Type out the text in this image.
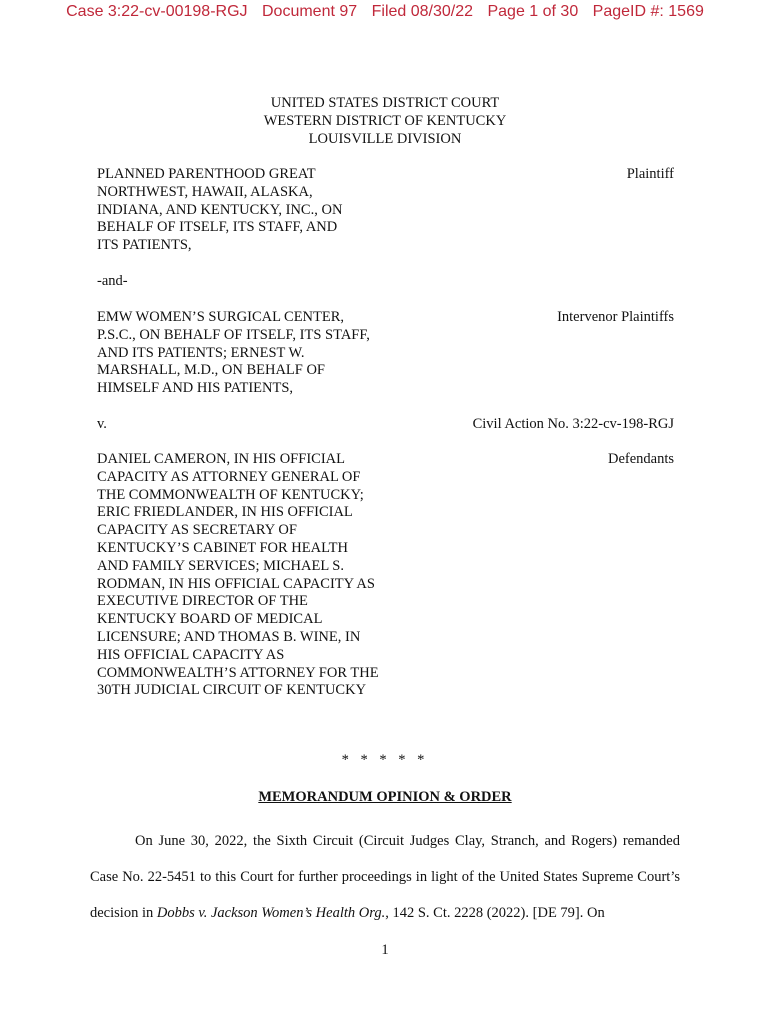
Case 3:22-cv-00198-RGJ Document 97 Filed 08/30/22 Page 1 of 30 PageID #: 1569
UNITED STATES DISTRICT COURT
WESTERN DISTRICT OF KENTUCKY
LOUISVILLE DIVISION
PLANNED PARENTHOOD GREAT NORTHWEST, HAWAII, ALASKA, INDIANA, AND KENTUCKY, INC., ON BEHALF OF ITSELF, ITS STAFF, AND ITS PATIENTS,
Plaintiff
-and-
EMW WOMEN’S SURGICAL CENTER, P.S.C., ON BEHALF OF ITSELF, ITS STAFF, AND ITS PATIENTS; ERNEST W. MARSHALL, M.D., ON BEHALF OF HIMSELF AND HIS PATIENTS,
Intervenor Plaintiffs
v.	Civil Action No. 3:22-cv-198-RGJ
DANIEL CAMERON, IN HIS OFFICIAL CAPACITY AS ATTORNEY GENERAL OF THE COMMONWEALTH OF KENTUCKY; ERIC FRIEDLANDER, IN HIS OFFICIAL CAPACITY AS SECRETARY OF KENTUCKY’S CABINET FOR HEALTH AND FAMILY SERVICES; MICHAEL S. RODMAN, IN HIS OFFICIAL CAPACITY AS EXECUTIVE DIRECTOR OF THE KENTUCKY BOARD OF MEDICAL LICENSURE; AND THOMAS B. WINE, IN HIS OFFICIAL CAPACITY AS COMMONWEALTH’S ATTORNEY FOR THE 30TH JUDICIAL CIRCUIT OF KENTUCKY
Defendants
* * * * *
MEMORANDUM OPINION & ORDER
On June 30, 2022, the Sixth Circuit (Circuit Judges Clay, Stranch, and Rogers) remanded Case No. 22-5451 to this Court for further proceedings in light of the United States Supreme Court’s decision in Dobbs v. Jackson Women’s Health Org., 142 S. Ct. 2228 (2022). [DE 79]. On
1
